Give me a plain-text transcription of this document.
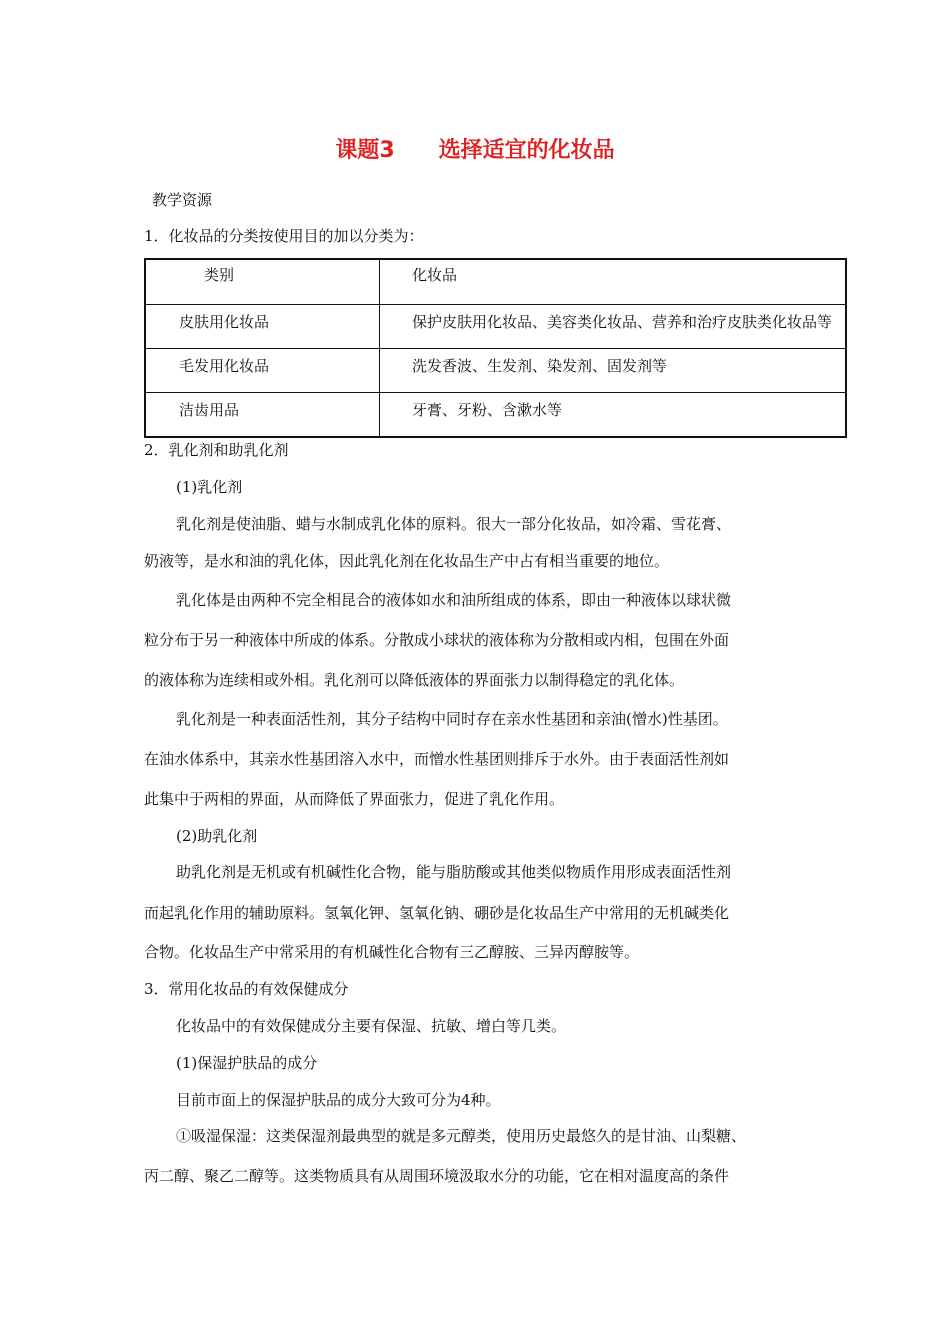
课题3　　选择适宜的化妆品
教学资源
1．化妆品的分类按使用目的加以分类为：
类别	化妆品
皮肤用化妆品	保护皮肤用化妆品、美容类化妆品、营养和治疗皮肤类化妆品等
毛发用化妆品	洗发香波、生发剂、染发剂、固发剂等
洁齿用品	牙膏、牙粉、含漱水等
2．乳化剂和助乳化剂
(1)乳化剂
乳化剂是使油脂、蜡与水制成乳化体的原料。很大一部分化妆品，如冷霜、雪花膏、
奶液等，是水和油的乳化体，因此乳化剂在化妆品生产中占有相当重要的地位。
乳化体是由两种不完全相昆合的液体如水和油所组成的体系，即由一种液体以球状微
粒分布于另一种液体中所成的体系。分散成小球状的液体称为分散相或内相，包围在外面
的液体称为连续相或外相。乳化剂可以降低液体的界面张力以制得稳定的乳化体。
乳化剂是一种表面活性剂，其分子结构中同时存在亲水性基团和亲油(憎水)性基团。
在油水体系中，其亲水性基团溶入水中，而憎水性基团则排斥于水外。由于表面活性剂如
此集中于两相的界面，从而降低了界面张力，促进了乳化作用。
(2)助乳化剂
助乳化剂是无机或有机碱性化合物，能与脂肪酸或其他类似物质作用形成表面活性剂
而起乳化作用的辅助原料。氢氧化钾、氢氧化钠、硼砂是化妆品生产中常用的无机碱类化
合物。化妆品生产中常采用的有机碱性化合物有三乙醇胺、三异丙醇胺等。
3．常用化妆品的有效保健成分
化妆品中的有效保健成分主要有保湿、抗敏、增白等几类。
(1)保湿护肤品的成分
目前市面上的保湿护肤品的成分大致可分为4种。
①吸湿保湿：这类保湿剂最典型的就是多元醇类，使用历史最悠久的是甘油、山梨糖、
丙二醇、聚乙二醇等。这类物质具有从周围环境汲取水分的功能，它在相对温度高的条件
